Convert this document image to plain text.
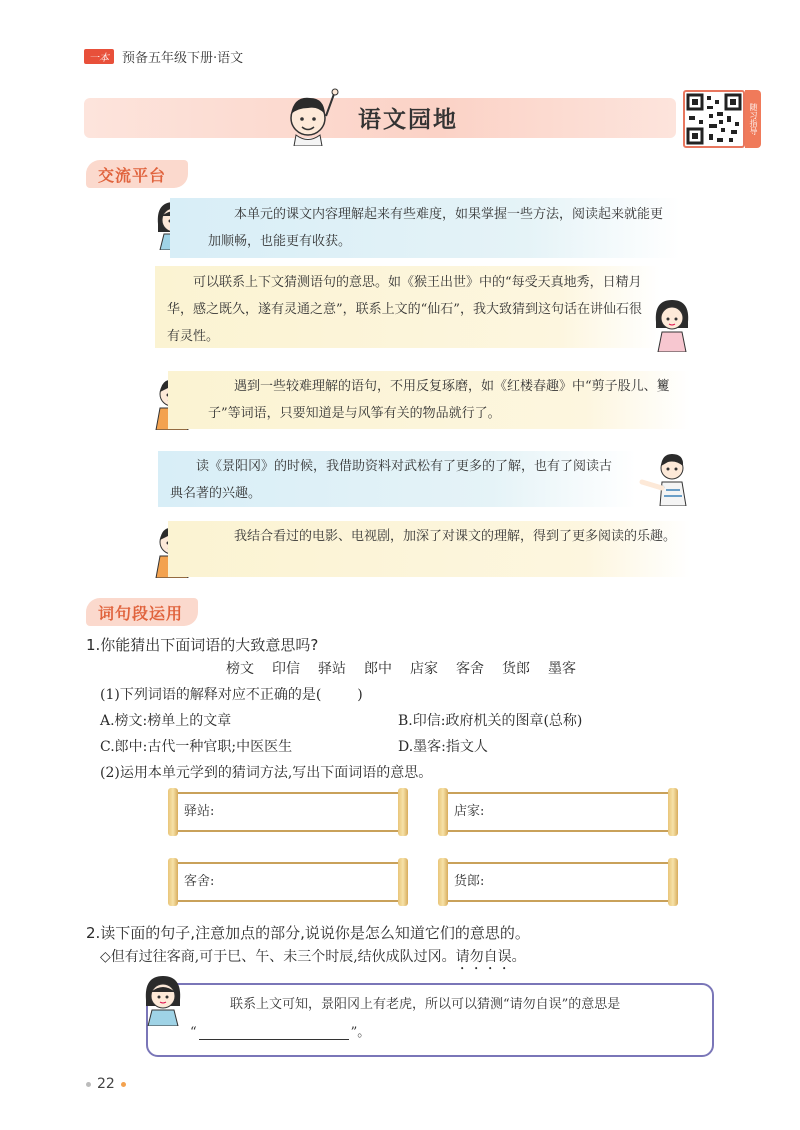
一本	预备五年级下册·语文
语文园地	随习指导
交流平台
本单元的课文内容理解起来有些难度，如果掌握一些方法，阅读起来就能更加顺畅，也能更有收获。
可以联系上下文猜测语句的意思。如《猴王出世》中的“每受天真地秀，日精月华，感之既久，遂有灵通之意”，联系上文的“仙石”，我大致猜到这句话在讲仙石很有灵性。
遇到一些较难理解的语句，不用反复琢磨，如《红楼春趣》中“剪子股儿、籰子”等词语，只要知道是与风筝有关的物品就行了。
读《景阳冈》的时候，我借助资料对武松有了更多的了解，也有了阅读古典名著的兴趣。
我结合看过的电影、电视剧，加深了对课文的理解，得到了更多阅读的乐趣。
词句段运用
1.你能猜出下面词语的大致意思吗?
榜文 印信 驿站 郎中 店家 客舍 货郎 墨客
(1)下列词语的解释对应不正确的是(	)
A.榜文:榜单上的文章	B.印信:政府机关的图章(总称)
C.郎中:古代一种官职;中医医生	D.墨客:指文人
(2)运用本单元学到的猜词方法,写出下面词语的意思。
驿站:	店家:
客舍:	货郎:
2.读下面的句子,注意加点的部分,说说你是怎么知道它们的意思的。
◇但有过往客商,可于巳、午、未三个时辰,结伙成队过冈。请勿自误。
联系上文可知，景阳冈上有老虎，所以可以猜测“请勿自误”的意思是
“	”。
22
